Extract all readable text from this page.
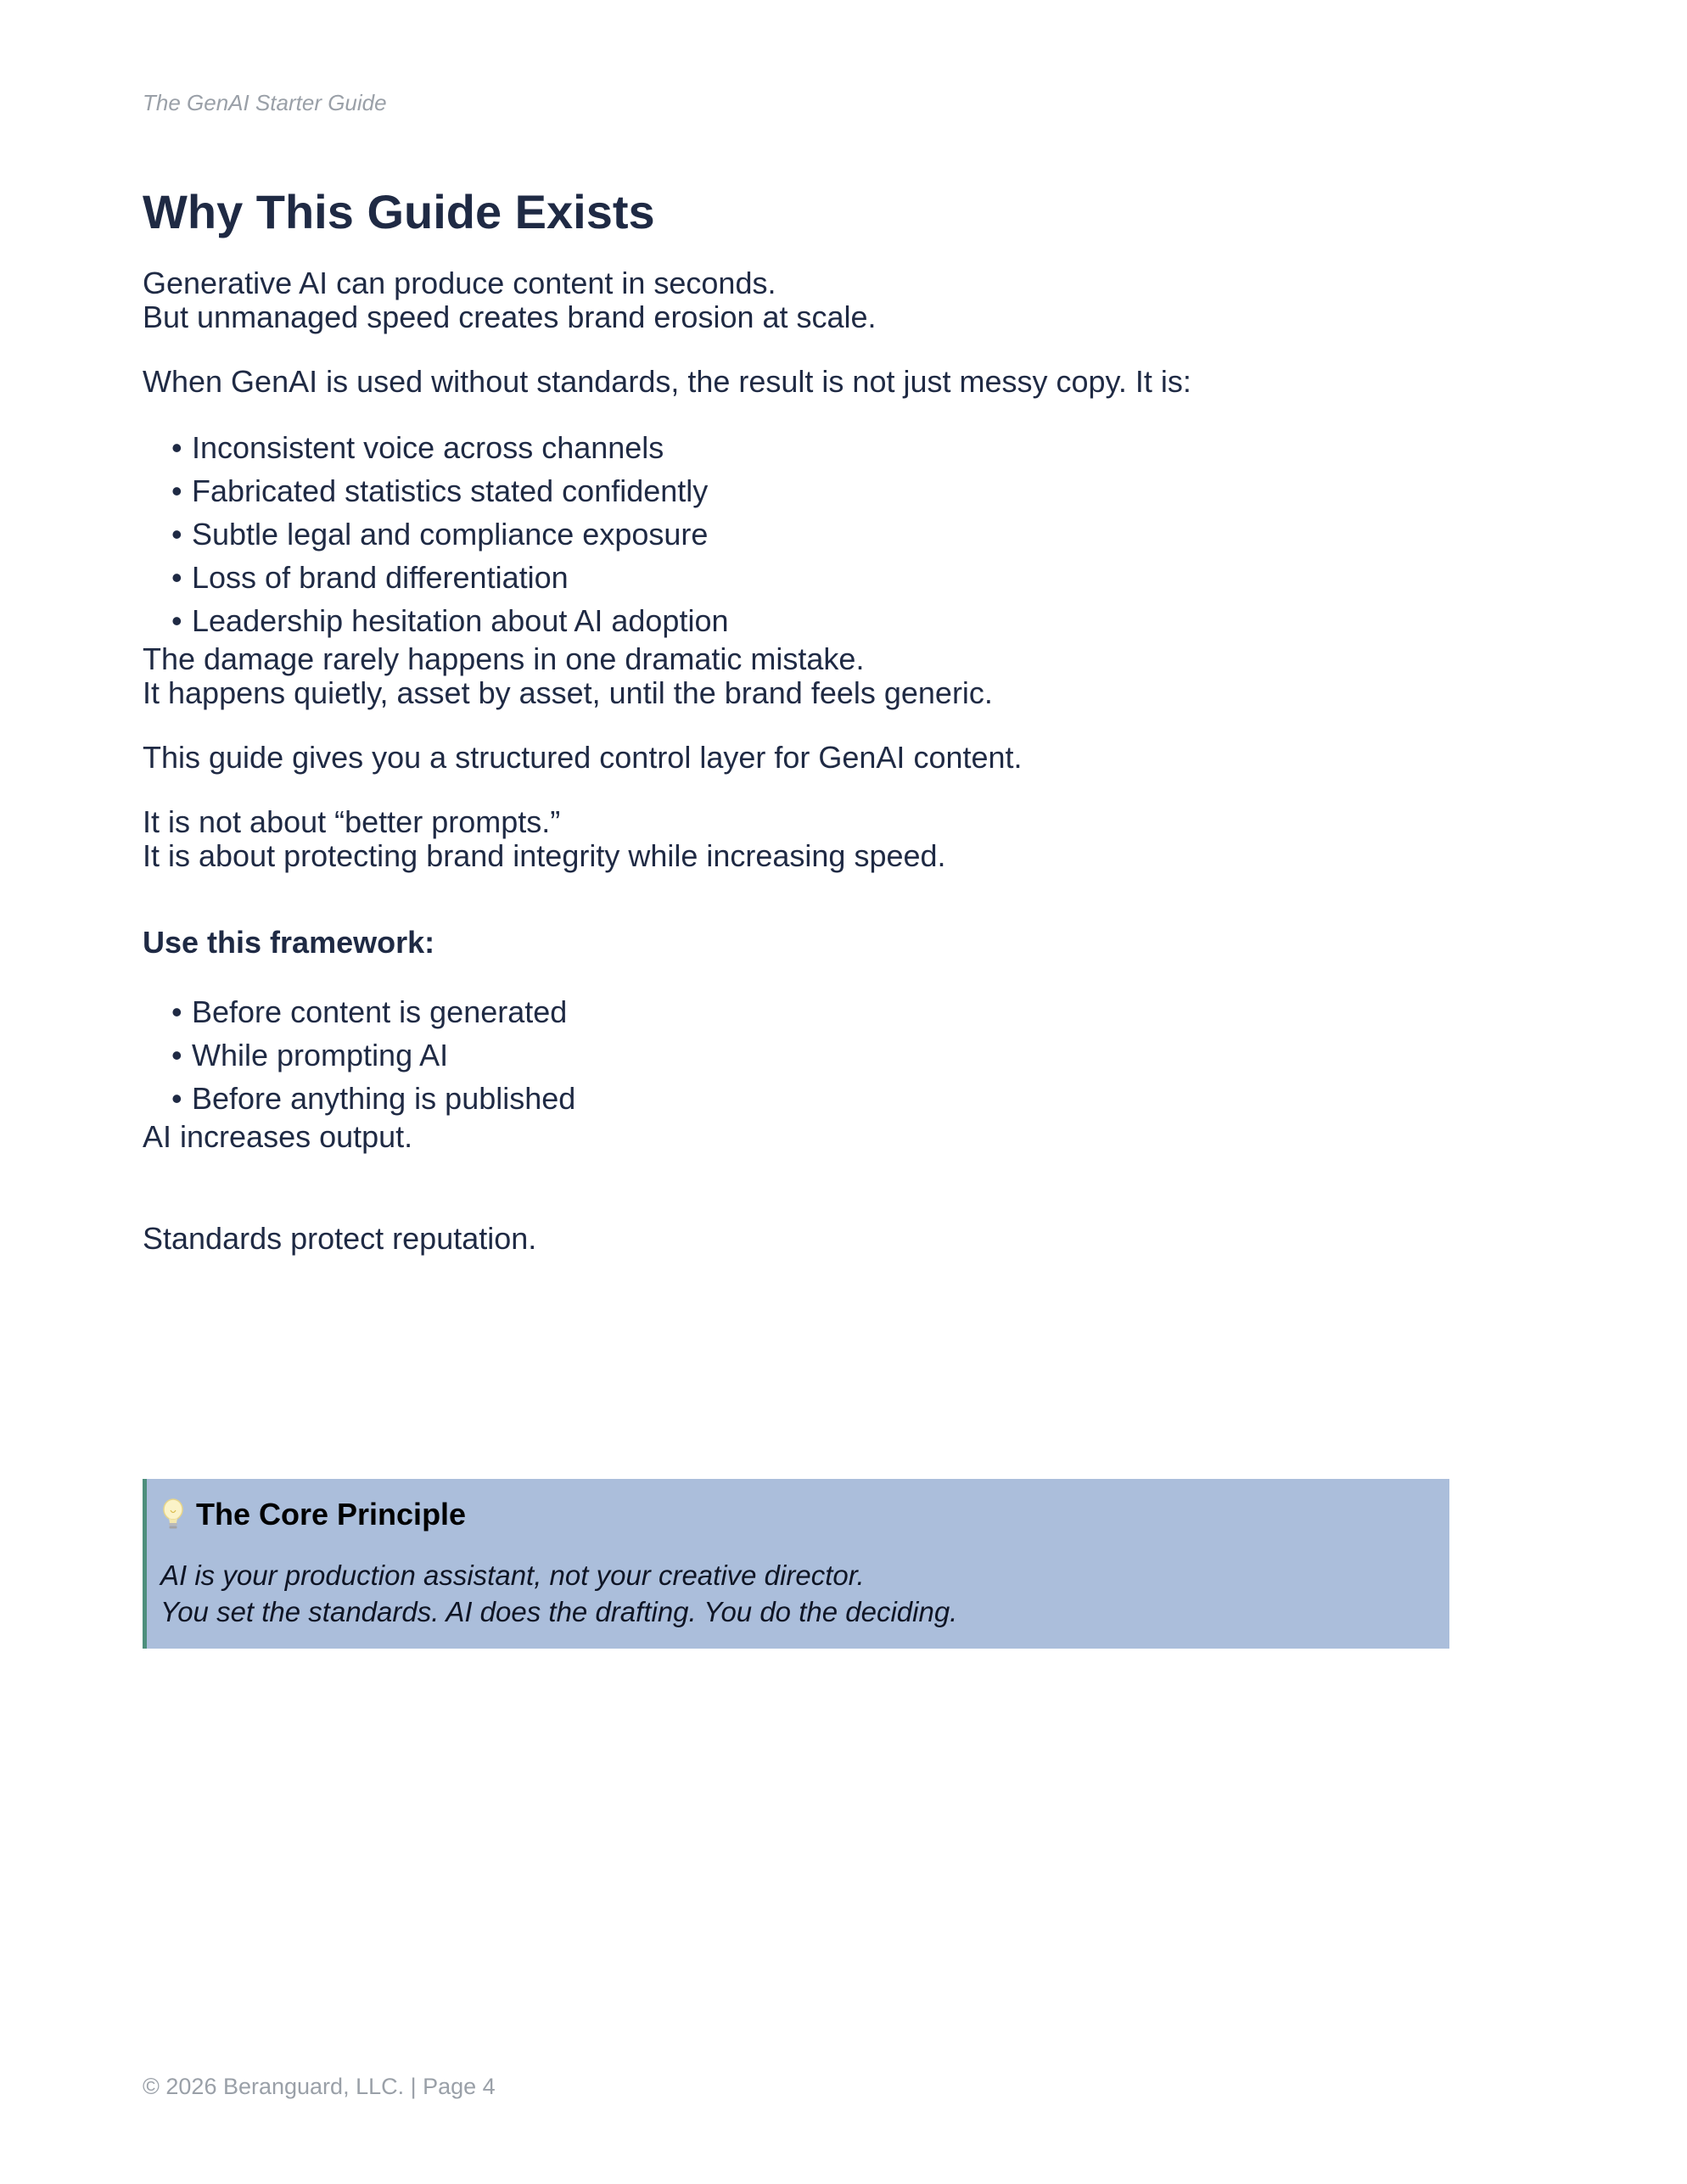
The GenAI Starter Guide
Why This Guide Exists

Generative AI can produce content in seconds.

But unmanaged speed creates brand erosion at scale.

When GenAI is used without standards, the result is not just messy copy. It is:

• Inconsistent voice across channels
• Fabricated statistics stated confidently
• Subtle legal and compliance exposure
• Loss of brand differentiation
• Leadership hesitation about AI adoption

The damage rarely happens in one dramatic mistake.

It happens quietly, asset by asset, until the brand feels generic.

This guide gives you a structured control layer for GenAI content.

It is not about “better prompts.”

It is about protecting brand integrity while increasing speed.

Use this framework:
• Before content is generated
• While prompting AI
• Before anything is published

AI increases output.

Standards protect reputation.

The Core Principle
AI is your production assistant, not your creative director.
You set the standards. AI does the drafting. You do the deciding.
© 2026 Beranguard, LLC. | Page 4
